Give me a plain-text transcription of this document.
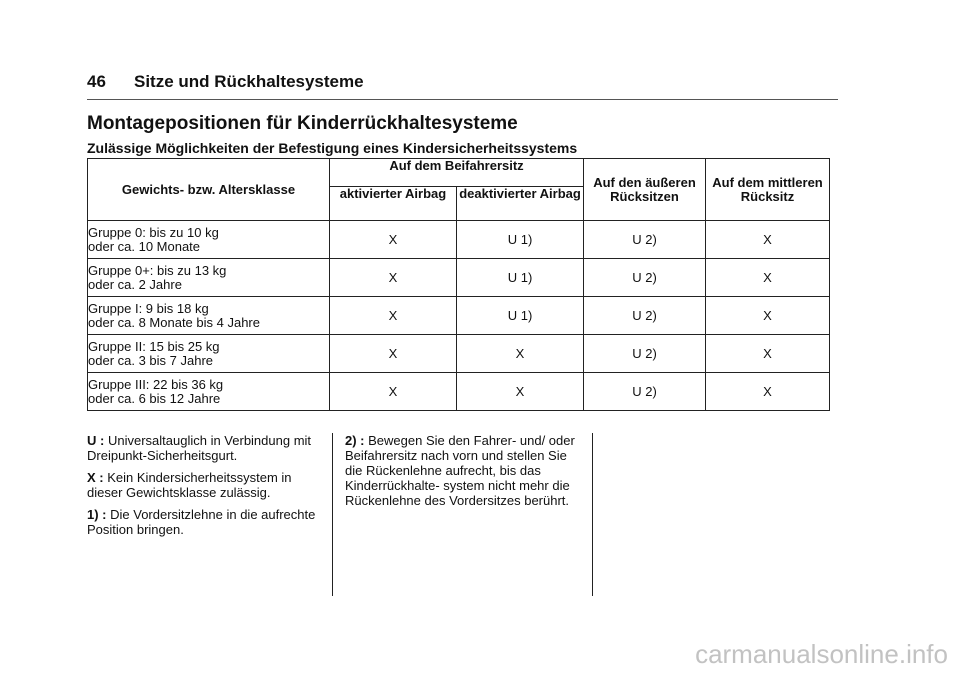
46 Sitze und Rückhaltesysteme
Montagepositionen für Kinderrückhaltesysteme
Zulässige Möglichkeiten der Befestigung eines Kindersicherheitssystems
Gewichts- bzw. Altersklasse	Auf dem Beifahrersitz		Auf den äußeren Rücksitzen	Auf dem mittleren Rücksitz
	aktivierter Airbag	deaktivierter Airbag		
Gruppe 0: bis zu 10 kg
oder ca. 10 Monate	X	U 1)	U 2)	X
Gruppe 0+: bis zu 13 kg
oder ca. 2 Jahre	X	U 1)	U 2)	X
Gruppe I: 9 bis 18 kg
oder ca. 8 Monate bis 4 Jahre	X	U 1)	U 2)	X
Gruppe II: 15 bis 25 kg
oder ca. 3 bis 7 Jahre	X	X	U 2)	X
Gruppe III: 22 bis 36 kg
oder ca. 6 bis 12 Jahre	X	X	U 2)	X

U : Universaltauglich in Verbindung mit Dreipunkt-Sicherheitsgurt.

X : Kein Kindersicherheitssystem in dieser Gewichtsklasse zulässig.

1) : Die Vordersitzlehne in die aufrechte Position bringen.

2) : Bewegen Sie den Fahrer- und/ oder Beifahrersitz nach vorn und stellen Sie die Rückenlehne aufrecht, bis das Kinderrückhalte- system nicht mehr die Rückenlehne des Vordersitzes berührt.

carmanualsonline.info
